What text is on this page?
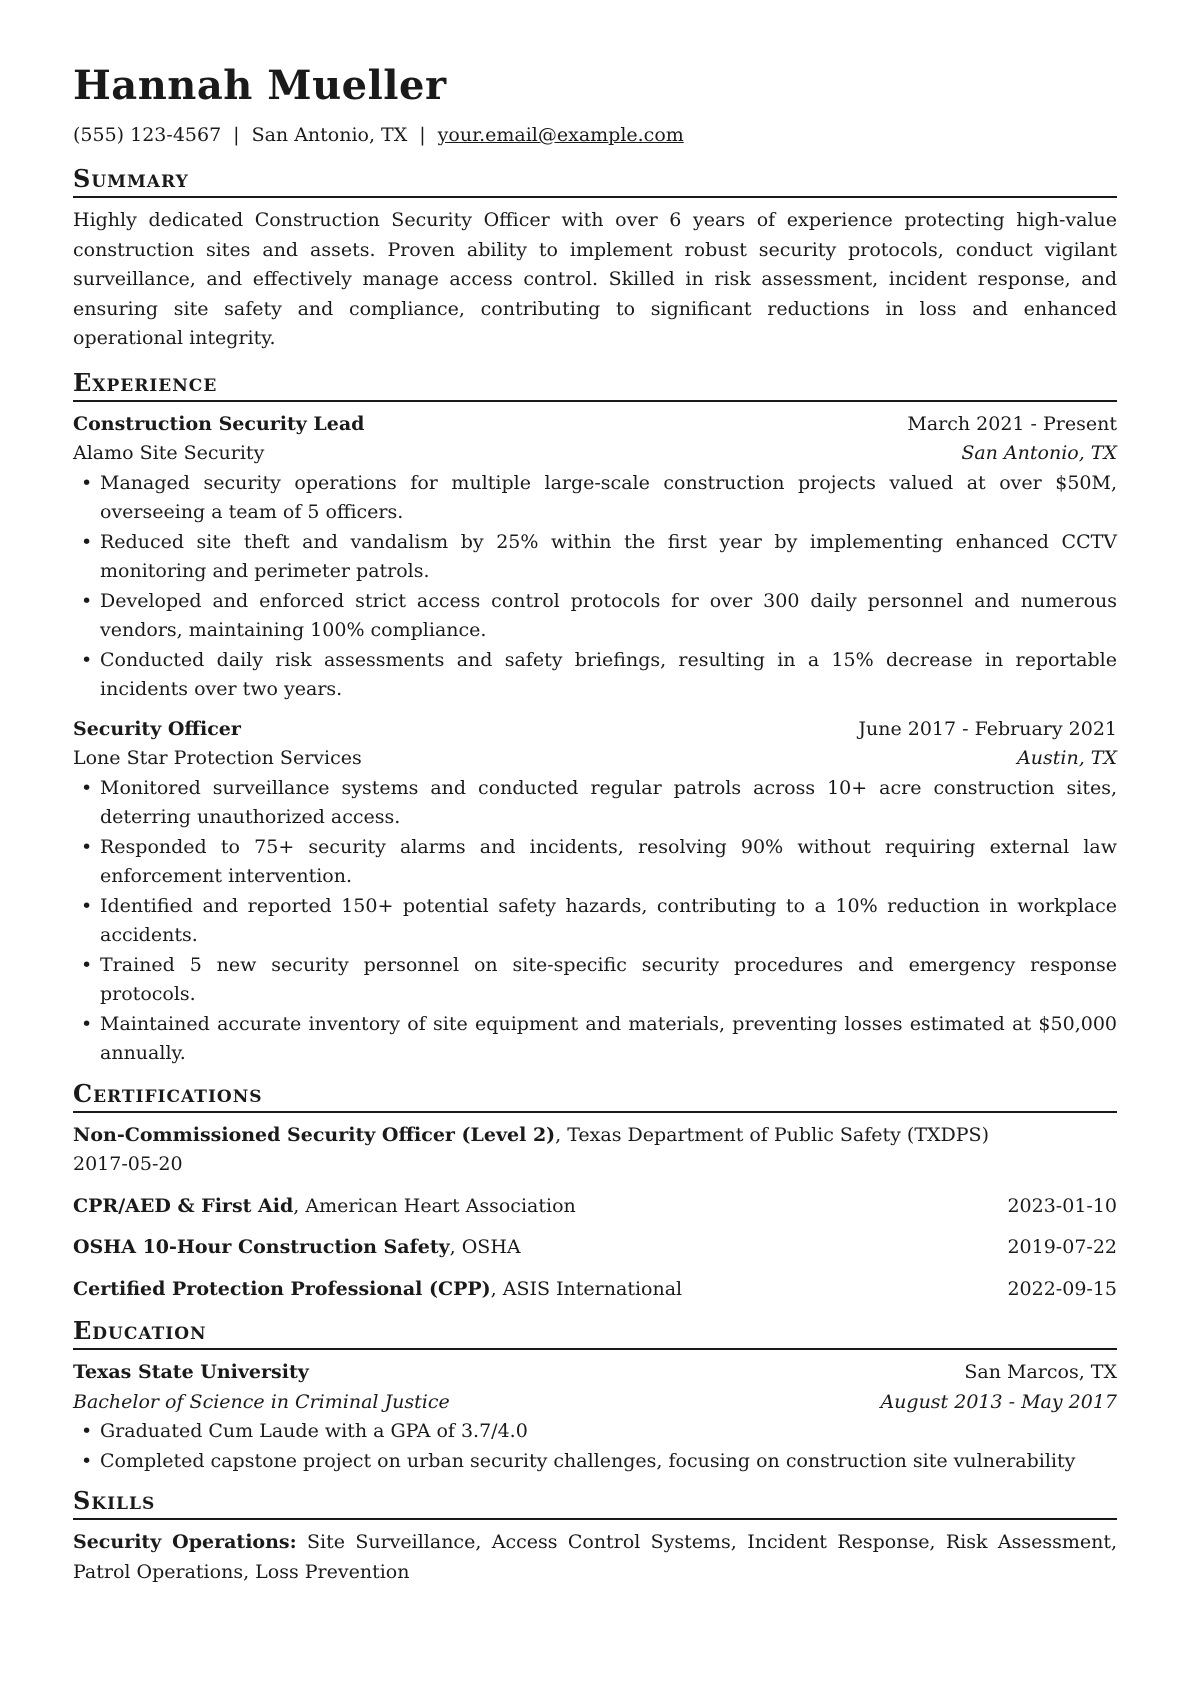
Hannah Mueller
(555) 123-4567 | San Antonio, TX | your.email@example.com
Summary

Highly dedicated Construction Security Officer with over 6 years of experience protecting high-value construction sites and assets. Proven ability to implement robust security protocols, conduct vigilant surveillance, and effectively manage access control. Skilled in risk assessment, incident response, and ensuring site safety and compliance, contributing to significant reductions in loss and enhanced operational integrity.

Experience
Construction Security Lead	March 2021 - Present
Alamo Site Security	San Antonio, TX
• Managed security operations for multiple large-scale construction projects valued at over $50M, overseeing a team of 5 officers.
• Reduced site theft and vandalism by 25% within the first year by implementing enhanced CCTV monitoring and perimeter patrols.
• Developed and enforced strict access control protocols for over 300 daily personnel and numerous vendors, maintaining 100% compliance.
• Conducted daily risk assessments and safety briefings, resulting in a 15% decrease in reportable incidents over two years.
Security Officer	June 2017 - February 2021
Lone Star Protection Services	Austin, TX
• Monitored surveillance systems and conducted regular patrols across 10+ acre construction sites, deterring unauthorized access.
• Responded to 75+ security alarms and incidents, resolving 90% without requiring external law enforcement intervention.
• Identified and reported 150+ potential safety hazards, contributing to a 10% reduction in workplace accidents.
• Trained 5 new security personnel on site-specific security procedures and emergency response protocols.
• Maintained accurate inventory of site equipment and materials, preventing losses estimated at $50,000 annually.
Certifications
Non-Commissioned Security Officer (Level 2), Texas Department of Public Safety (TXDPS)
2017-05-20
CPR/AED & First Aid, American Heart Association	2023-01-10
OSHA 10-Hour Construction Safety, OSHA	2019-07-22
Certified Protection Professional (CPP), ASIS International	2022-09-15
Education
Texas State University	San Marcos, TX
Bachelor of Science in Criminal Justice	August 2013 - May 2017
• Graduated Cum Laude with a GPA of 3.7/4.0
• Completed capstone project on urban security challenges, focusing on construction site vulnerability
Skills
Security Operations: Site Surveillance, Access Control Systems, Incident Response, Risk Assessment, Patrol Operations, Loss Prevention
